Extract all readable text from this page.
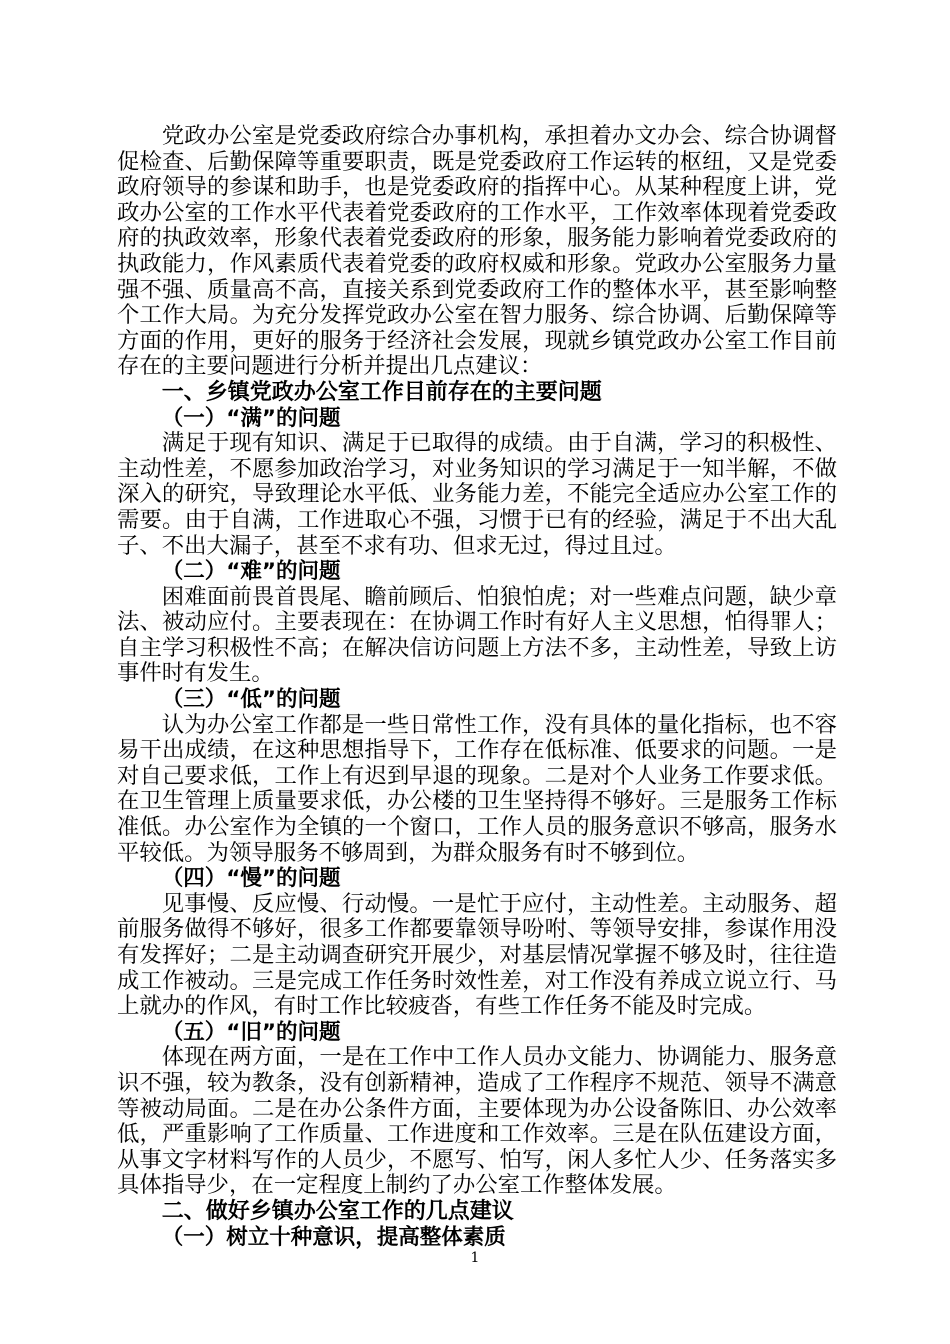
党政办公室是党委政府综合办事机构，承担着办文办会、综合协调督促检查、后勤保障等重要职责，既是党委政府工作运转的枢纽，又是党委政府领导的参谋和助手，也是党委政府的指挥中心。从某种程度上讲，党政办公室的工作水平代表着党委政府的工作水平，工作效率体现着党委政府的执政效率，形象代表着党委政府的形象，服务能力影响着党委政府的执政能力，作风素质代表着党委的政府权威和形象。党政办公室服务力量强不强、质量高不高，直接关系到党委政府工作的整体水平，甚至影响整个工作大局。为充分发挥党政办公室在智力服务、综合协调、后勤保障等方面的作用，更好的服务于经济社会发展，现就乡镇党政办公室工作目前存在的主要问题进行分析并提出几点建议：

一、乡镇党政办公室工作目前存在的主要问题

（一）“满”的问题

满足于现有知识、满足于已取得的成绩。由于自满，学习的积极性、主动性差，不愿参加政治学习，对业务知识的学习满足于一知半解，不做深入的研究，导致理论水平低、业务能力差，不能完全适应办公室工作的需要。由于自满，工作进取心不强，习惯于已有的经验，满足于不出大乱子、不出大漏子，甚至不求有功、但求无过，得过且过。

（二）“难”的问题

困难面前畏首畏尾、瞻前顾后、怕狼怕虎；对一些难点问题，缺少章法、被动应付。主要表现在：在协调工作时有好人主义思想，怕得罪人；自主学习积极性不高；在解决信访问题上方法不多，主动性差，导致上访事件时有发生。

（三）“低”的问题

认为办公室工作都是一些日常性工作，没有具体的量化指标，也不容易干出成绩，在这种思想指导下，工作存在低标准、低要求的问题。一是对自己要求低，工作上有迟到早退的现象。二是对个人业务工作要求低。在卫生管理上质量要求低，办公楼的卫生坚持得不够好。三是服务工作标准低。办公室作为全镇的一个窗口，工作人员的服务意识不够高，服务水平较低。为领导服务不够周到，为群众服务有时不够到位。

（四）“慢”的问题

见事慢、反应慢、行动慢。一是忙于应付，主动性差。主动服务、超前服务做得不够好，很多工作都要靠领导吩咐、等领导安排，参谋作用没有发挥好；二是主动调查研究开展少，对基层情况掌握不够及时，往往造成工作被动。三是完成工作任务时效性差，对工作没有养成立说立行、马上就办的作风，有时工作比较疲沓，有些工作任务不能及时完成。

（五）“旧”的问题

体现在两方面，一是在工作中工作人员办文能力、协调能力、服务意识不强，较为教条，没有创新精神，造成了工作程序不规范、领导不满意等被动局面。二是在办公条件方面，主要体现为办公设备陈旧、办公效率低，严重影响了工作质量、工作进度和工作效率。三是在队伍建设方面，从事文字材料写作的人员少，不愿写、怕写，闲人多忙人少、任务落实多具体指导少，在一定程度上制约了办公室工作整体发展。

二、做好乡镇办公室工作的几点建议

（一）树立十种意识，提高整体素质

1
